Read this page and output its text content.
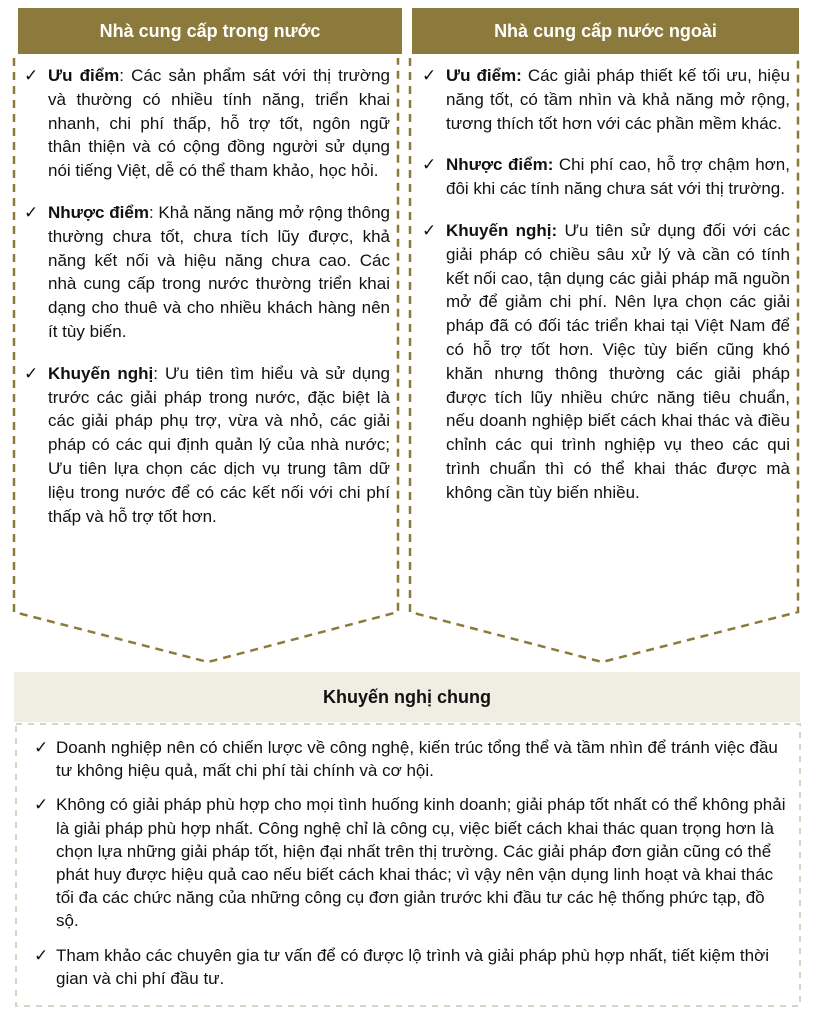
Nhà cung cấp trong nước	Nhà cung cấp nước ngoài
✓ Ưu điểm: Các sản phẩm sát với thị trường và thường có nhiều tính năng, triển khai nhanh, chi phí thấp, hỗ trợ tốt, ngôn ngữ thân thiện và có cộng đồng người sử dụng nói tiếng Việt, dễ có thể tham khảo, học hỏi.
✓ Nhược điểm: Khả năng năng mở rộng thông thường chưa tốt, chưa tích lũy được, khả năng kết nối và hiệu năng chưa cao. Các nhà cung cấp trong nước thường triển khai dạng cho thuê và cho nhiều khách hàng nên ít tùy biến.
✓ Khuyến nghị: Ưu tiên tìm hiểu và sử dụng trước các giải pháp trong nước, đặc biệt là các giải pháp phụ trợ, vừa và nhỏ, các giải pháp có các qui định quản lý của nhà nước; Ưu tiên lựa chọn các dịch vụ trung tâm dữ liệu trong nước để có các kết nối với chi phí thấp và hỗ trợ tốt hơn.
✓ Ưu điểm: Các giải pháp thiết kế tối ưu, hiệu năng tốt, có tầm nhìn và khả năng mở rộng, tương thích tốt hơn với các phần mềm khác.
✓ Nhược điểm: Chi phí cao, hỗ trợ chậm hơn, đôi khi các tính năng chưa sát với thị trường.
✓ Khuyến nghị: Ưu tiên sử dụng đối với các giải pháp có chiều sâu xử lý và cần có tính kết nối cao, tận dụng các giải pháp mã nguồn mở để giảm chi phí. Nên lựa chọn các giải pháp đã có đối tác triển khai tại Việt Nam để có hỗ trợ tốt hơn. Việc tùy biến cũng khó khăn nhưng thông thường các giải pháp được tích lũy nhiều chức năng tiêu chuẩn, nếu doanh nghiệp biết cách khai thác và điều chỉnh các qui trình nghiệp vụ theo các qui trình chuẩn thì có thể khai thác được mà không cần tùy biến nhiều.
Khuyến nghị chung
✓ Doanh nghiệp nên có chiến lược về công nghệ, kiến trúc tổng thể và tầm nhìn để tránh việc đầu tư không hiệu quả, mất chi phí tài chính và cơ hội.
✓ Không có giải pháp phù hợp cho mọi tình huống kinh doanh; giải pháp tốt nhất có thể không phải là giải pháp phù hợp nhất. Công nghệ chỉ là công cụ, việc biết cách khai thác quan trọng hơn là chọn lựa những giải pháp tốt, hiện đại nhất trên thị trường. Các giải pháp đơn giản cũng có thể phát huy được hiệu quả cao nếu biết cách khai thác; vì vậy nên vận dụng linh hoạt và khai thác tối đa các chức năng của những công cụ đơn giản trước khi đầu tư các hệ thống phức tạp, đồ sộ.
✓ Tham khảo các chuyên gia tư vấn để có được lộ trình và giải pháp phù hợp nhất, tiết kiệm thời gian và chi phí đầu tư.
